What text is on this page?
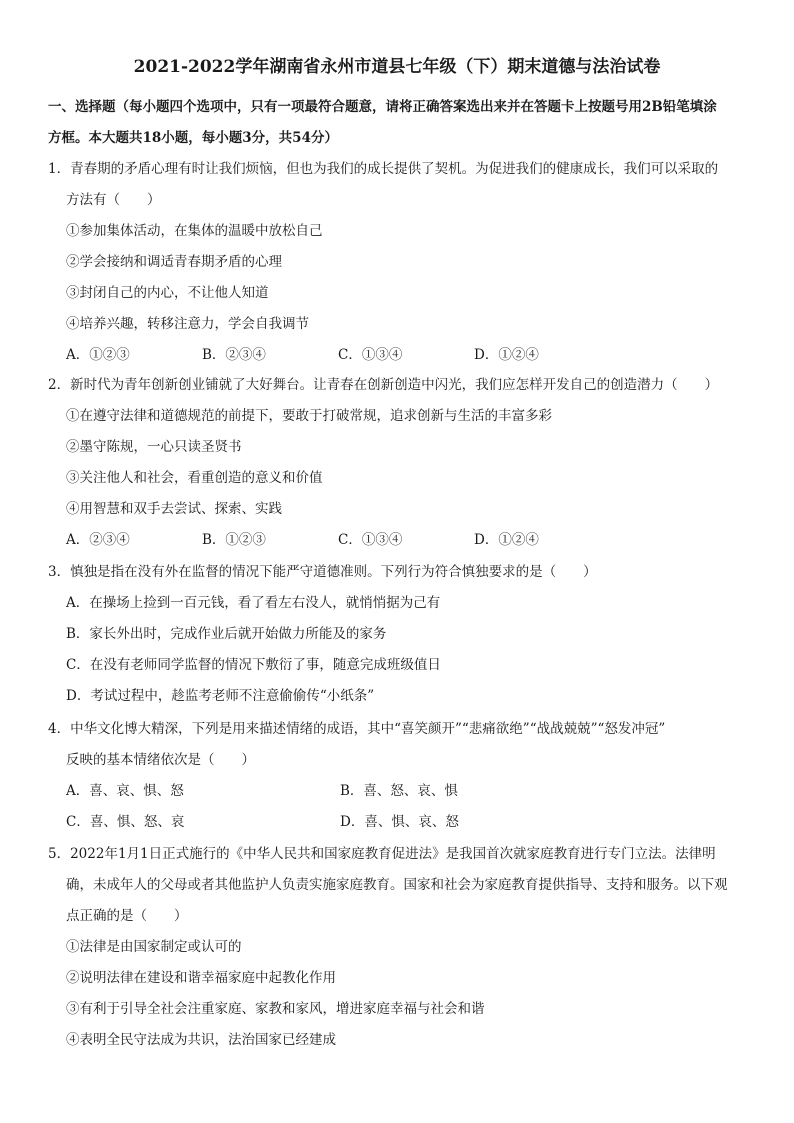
2021-2022学年湖南省永州市道县七年级（下）期末道德与法治试卷
一、选择题（每小题四个选项中，只有一项最符合题意，请将正确答案选出来并在答题卡上按题号用2B铅笔填涂
方框。本大题共18小题，每小题3分，共54分）
1．青春期的矛盾心理有时让我们烦恼，但也为我们的成长提供了契机。为促进我们的健康成长，我们可以采取的
方法有（　　）
①参加集体活动，在集体的温暖中放松自己
②学会接纳和调适青春期矛盾的心理
③封闭自己的内心，不让他人知道
④培养兴趣，转移注意力，学会自我调节
A．①②③	B．②③④	C．①③④	D．①②④
2．新时代为青年创新创业铺就了大好舞台。让青春在创新创造中闪光，我们应怎样开发自己的创造潜力（　　）
①在遵守法律和道德规范的前提下，要敢于打破常规，追求创新与生活的丰富多彩
②墨守陈规，一心只读圣贤书
③关注他人和社会，看重创造的意义和价值
④用智慧和双手去尝试、探索、实践
A．②③④	B．①②③	C．①③④	D．①②④
3．慎独是指在没有外在监督的情况下能严守道德准则。下列行为符合慎独要求的是（　　）
A．在操场上捡到一百元钱，看了看左右没人，就悄悄据为己有
B．家长外出时，完成作业后就开始做力所能及的家务
C．在没有老师同学监督的情况下敷衍了事，随意完成班级值日
D．考试过程中，趁监考老师不注意偷偷传“小纸条”
4．中华文化博大精深，下列是用来描述情绪的成语，其中“喜笑颜开”“悲痛欲绝”“战战兢兢”“怒发冲冠”
反映的基本情绪依次是（　　）
A．喜、哀、惧、怒	B．喜、怒、哀、惧
C．喜、惧、怒、哀	D．喜、惧、哀、怒
5．2022年1月1日正式施行的《中华人民共和国家庭教育促进法》是我国首次就家庭教育进行专门立法。法律明
确，未成年人的父母或者其他监护人负责实施家庭教育。国家和社会为家庭教育提供指导、支持和服务。以下观
点正确的是（　　）
①法律是由国家制定或认可的
②说明法律在建设和谐幸福家庭中起教化作用
③有利于引导全社会注重家庭、家教和家风，增进家庭幸福与社会和谐
④表明全民守法成为共识，法治国家已经建成
